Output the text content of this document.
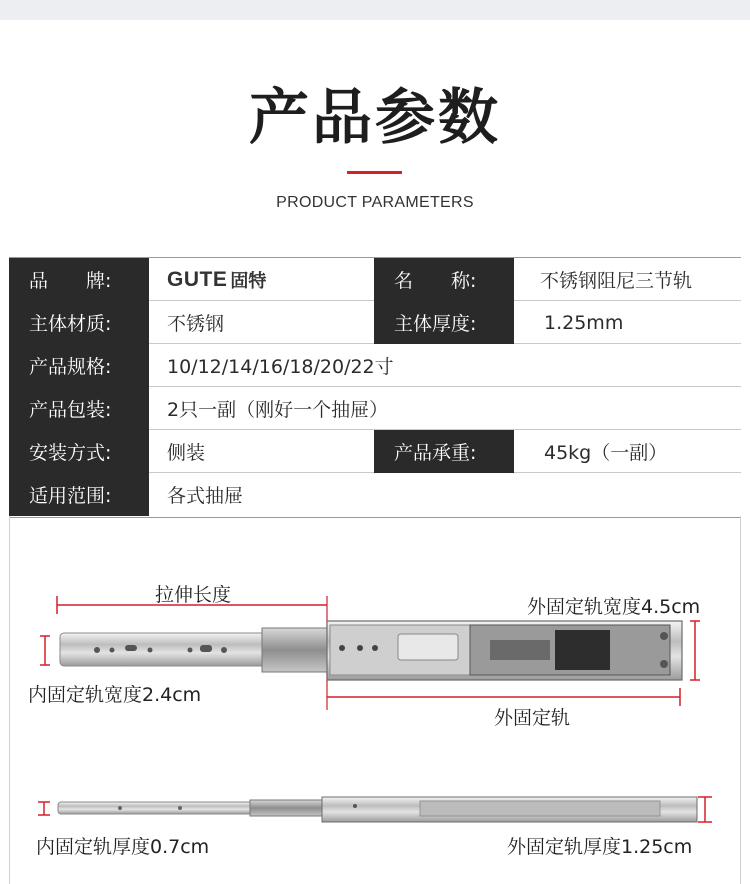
产品参数
PRODUCT PARAMETERS
品　　牌:	GUTE 固特	名　　称:	不锈钢阻尼三节轨
主体材质:	不锈钢	主体厚度:	1.25mm
产品规格:	10/12/14/16/18/20/22寸
产品包装:	2只一副（刚好一个抽屉）
安装方式:	侧装	产品承重:	45kg（一副）
适用范围:	各式抽屉
拉伸长度
外固定轨宽度4.5cm
内固定轨宽度2.4cm
外固定轨
内固定轨厚度0.7cm	外固定轨厚度1.25cm
